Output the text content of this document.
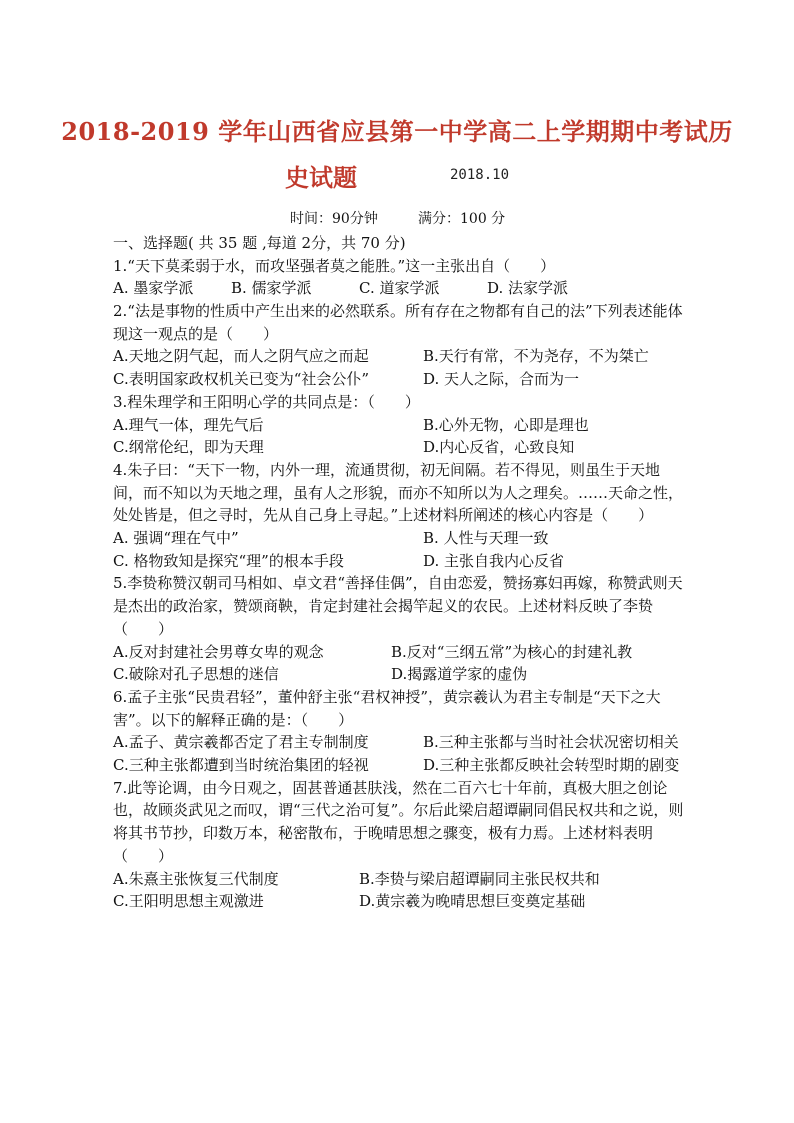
2018-2019 学年山西省应县第一中学高二上学期期中考试历
史试题	2018.10
时间：90分钟	满分：100 分
一、选择题( 共 35 题 ,每道 2分，共 70 分)
1.“天下莫柔弱于水，而攻坚强者莫之能胜。”这一主张出自（　　）
A. 墨家学派	B. 儒家学派	C. 道家学派	D. 法家学派
2.“法是事物的性质中产生出来的必然联系。所有存在之物都有自己的法”下列表述能体现这一观点的是（　　）
A.天地之阴气起，而人之阴气应之而起	B.天行有常，不为尧存，不为桀亡
C.表明国家政权机关已变为“社会公仆”	D. 天人之际，合而为一
3.程朱理学和王阳明心学的共同点是：（　　）
A.理气一体，理先气后	B.心外无物，心即是理也
C.纲常伦纪，即为天理	D.内心反省，心致良知
4.朱子曰：“天下一物，内外一理，流通贯彻，初无间隔。若不得见，则虽生于天地间，而不知以为天地之理，虽有人之形貌，而亦不知所以为人之理矣。……天命之性，处处皆是，但之寻时，先从自己身上寻起。”上述材料所阐述的核心内容是（　　）
A. 强调“理在气中”	B. 人性与天理一致
C. 格物致知是探究“理”的根本手段	D. 主张自我内心反省
5.李贽称赞汉朝司马相如、卓文君“善择佳偶”，自由恋爱，赞扬寡妇再嫁，称赞武则天是杰出的政治家，赞颂商鞅，肯定封建社会揭竿起义的农民。上述材料反映了李贽（　　）
A.反对封建社会男尊女卑的观念	B.反对“三纲五常”为核心的封建礼教
C.破除对孔子思想的迷信	D.揭露道学家的虚伪
6.孟子主张“民贵君轻”，董仲舒主张“君权神授”，黄宗羲认为君主专制是“天下之大害”。以下的解释正确的是：（　　）
A.孟子、黄宗羲都否定了君主专制制度	B.三种主张都与当时社会状况密切相关
C.三种主张都遭到当时统治集团的轻视	D.三种主张都反映社会转型时期的剧变
7.此等论调，由今日观之，固甚普通甚肤浅，然在二百六七十年前，真极大胆之创论也，故顾炎武见之而叹，谓“三代之治可复”。尔后此梁启超谭嗣同倡民权共和之说，则将其书节抄，印数万本，秘密散布，于晚晴思想之骤变，极有力焉。上述材料表明（　　）
A.朱熹主张恢复三代制度	B.李贽与梁启超谭嗣同主张民权共和
C.王阳明思想主观激进	D.黄宗羲为晚晴思想巨变奠定基础
